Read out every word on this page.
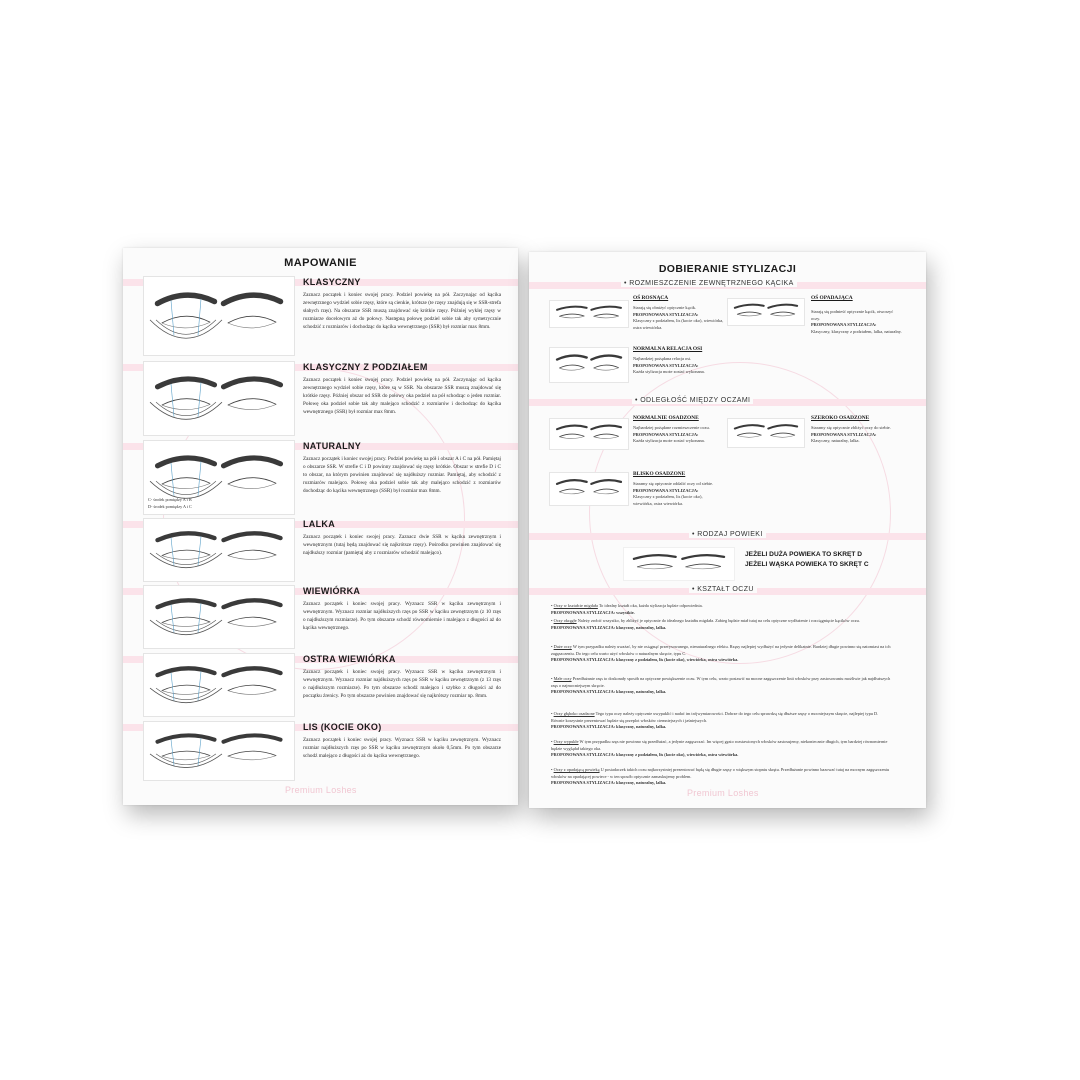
MAPOWANIE
KLASYCZNY
Zaznacz początek i koniec swojej pracy. Podziel powiekę na pół. Zaczynając od kącika zewnętrznego wydziel sobie rzęsy, które są cienkie, krótsze (te rzęsy znajdują się w SSR-strefa słabych rzęs). Na obszarze SSR muszą znajdować się krótkie rzęsy. Później wyklej rzęsy w rozmiarze docelowym aż do połowy. Następną połowę podziel sobie tak aby symetrycznie schodzić z rozmiarów i dochodząc do kącika wewnętrznego (SSR) był rozmiar max 8mm.
KLASYCZNY Z PODZIAŁEM
Zaznacz początek i koniec swojej pracy. Podziel powiekę na pół. Zaczynając od kącika zewnętrznego wydziel sobie rzęsy, które są w SSR. Na obszarze SSR muszą znajdować się krótkie rzęsy. Później obszar od SSR do połowy oka podziel na pół schodząc o jeden rozmiar. Połowę oka podziel sobie tak aby malejąco schodzić z rozmiarów i dochodząc do kącika wewnętrznego (SSR) był rozmiar max 8mm.
C- środek pomiędzy A i B
D- środek pomiędzy A i C
NATURALNY
Zaznacz początek i koniec swojej pracy. Podziel powiekę na pół i obszar A i C na pół. Pamiętaj o obszarze SSR. W strefie C i D powinny znajdować się rzęsy krótkie. Obszar w strefie D i C to obszar, na którym powinien znajdować się najdłuższy rozmiar. Pamiętaj, aby schodzić z rozmiarów malejąco. Połowę oka podziel sobie tak aby malejąco schodzić z rozmiarów dochodząc do kącika wewnętrznego (SSR) był rozmiar max 8mm.
LALKA
Zaznacz początek i koniec swojej pracy. Zaznacz dwie SSR w kąciku zewnętrznym i wewnętrznym (tutaj będą znajdować się najkrótsze rzęsy). Pośrodku powinien znajdować się najdłuższy rozmiar (pamiętaj aby z rozmiarów schodzić malejąco).
WIEWIÓRKA
Zaznacz początek i koniec swojej pracy. Wyznacz SSR w kąciku zewnętrznym i wewnętrznym. Wyznacz rozmiar najdłuższych rzęs po SSR w kąciku zewnętrznym (z 10 rzęs o najdłuższym rozmiarze). Po tym obszarze schodź równomiernie i malejąco z długości aż do kącika wewnętrznego.
OSTRA WIEWIÓRKA
Zaznacz początek i koniec swojej pracy. Wyznacz SSR w kąciku zewnętrznym i wewnętrznym. Wyznacz rozmiar najdłuższych rzęs po SSR w kąciku zewnętrznym (z 13 rzęs o najdłuższym rozmiarze). Po tym obszarze schodź malejąco i szybko z długości aż do początku źrenicy. Po tym obszarze powinien znajdować się najkrótszy rozmiar np. 8mm.
LIS (KOCIE OKO)
Zaznacz początek i koniec swojej pracy. Wyznacz SSR w kąciku zewnętrznym. Wyznacz rozmiar najdłuższych rzęs po SSR w kąciku zewnętrznym około 0,5mm. Po tym obszarze schodź malejąco z długości aż do kącika wewnętrznego.
Premium Loshes
DOBIERANIE STYLIZACJI
• ROZMIESZCZENIE ZEWNĘTRZNEGO KĄCIKA
OŚ ROSNĄCA
Starają się obniżyć optycznie kącik.
PROPONOWANA STYLIZACJA:
Klasyczny z podziałem, lis (kocie oko), wiewiórka, ostra wiewiórka.
OŚ OPADAJĄCA
Starają się podnieść optycznie kącik, otworzyć oczy.
PROPONOWANA STYLIZACJA:
Klasyczny, klasyczny z podziałem, lalka, naturalny.
NORMALNA RELACJA OSI
Najbardziej pożądana relacja osi.
PROPONOWANA STYLIZACJA:
Każda stylizacja może zostać wykonana.
• ODLEGŁOŚĆ MIĘDZY OCZAMI
NORMALNIE OSADZONE
Najbardziej pożądane rozmieszczenie oczu.
PROPONOWANA STYLIZACJA:
Każda stylizacja może zostać wykonana.
SZEROKO OSADZONE
Staramy się optycznie zbliżyć oczy do siebie.
PROPONOWANA STYLIZACJA:
Klasyczny, naturalny, lalka.
BLISKO OSADZONE
Staramy się optycznie oddalić oczy od siebie.
PROPONOWANA STYLIZACJA:
Klasyczny z podziałem, lis (kocie oko), wiewiórka, ostra wiewiórka.
• RODZAJ POWIEKI
JEŻELI DUŻA POWIEKA TO SKRĘT D
JEŻELI WĄSKA POWIEKA TO SKRĘT C
• KSZTAŁT OCZU
• Oczy w kształcie migdała To idealny kształt oka, każda stylizacja będzie odpowiednia.
PROPONOWANA STYLIZACJA: wszystkie.
• Oczy okrągłe Należy zrobić wszystko, by zbliżyć je optycznie do idealnego kształtu migdała. Zabieg będzie miał tutaj na celu optyczne wydłużenie i rozciągnięcie kącików oczu.
PROPONOWANA STYLIZACJA: klasyczny, naturalny, lalka.
• Duże oczy W tym przypadku należy uważać, by nie osiągnąć przerysowanego, nienaturalnego efektu. Rzęsy najlepiej wydłużyć na jedynie delikatnie. Bardziej długie powinno się natomiast na ich zagęszczeniu. Do tego celu warto użyć włosków o naturalnym skręcie, typu C.
PROPONOWANA STYLIZACJA: klasyczny z podziałem, lis (kocie oko), wiewiórka, ostra wiewiórka.
• Małe oczy Przedłużanie rzęs to doskonały sposób na optyczne powiększenie oczu. W tym celu, warto postawić na mocne zagęszczenie linii włosków przy zastosowaniu możliwie jak najdłuższych rzęs o najmocniejszym skręcie.
PROPONOWANA STYLIZACJA: klasyczny, naturalny, lalka.
• Oczy głęboko osadzone Tego typu oczy należy optycznie uwypuklić i nadać im trójwymiarowości. Dobrze do tego celu sprawdzą się dłuższe rzęsy o mocniejszym skręcie, najlepiej typu D. Równie korzystnie prezentować będzie się przeplot włosków ciemniejszych i jaśniejszych.
PROPONOWANA STYLIZACJA: klasyczny, naturalny, lalka.
• Oczy wypukłe W tym przypadku rzęs nie powinno się przedłużać, a jedynie zagęszczać. Im więcej gęsto rozstawionych włosków zastosujemy, niekoniecznie długich, tym bardziej równomiernie będzie wyglądał takiego oka.
PROPONOWANA STYLIZACJA: klasyczny z podziałem, lis (kocie oko), wiewiórka, ostra wiewiórka.
• Oczy z opadającą powieką U posiadaczek takich oczu najkorzystniej prezentować będą się długie rzęsy o większym stopniu skrętu. Przedłużanie powinno bazować tutaj na mocnym zagęszczeniu włosków na opadającej powiece - w ten sposób optycznie zamaskujemy problem.
PROPONOWANA STYLIZACJA: klasyczny, naturalny, lalka.
Premium Loshes
